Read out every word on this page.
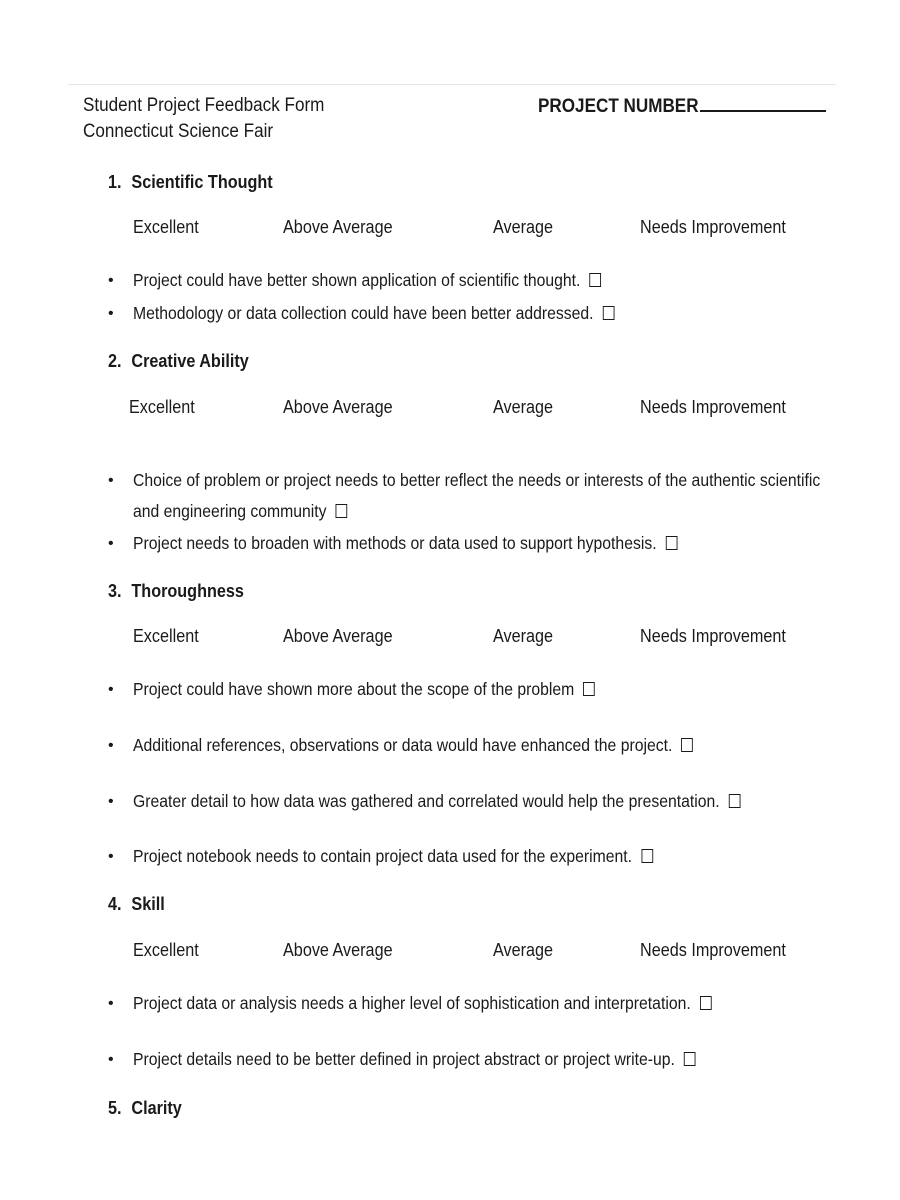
Student Project Feedback Form
Connecticut Science Fair
PROJECT NUMBER
1. Scientific Thought
Excellent	Above Average	Average	Needs Improvement
• Project could have better shown application of scientific thought.
• Methodology or data collection could have been better addressed.
2. Creative Ability
Excellent	Above Average	Average	Needs Improvement
• Choice of problem or project needs to better reflect the needs or interests of the authentic scientific and engineering community
• Project needs to broaden with methods or data used to support hypothesis.
3. Thoroughness
Excellent	Above Average	Average	Needs Improvement
• Project could have shown more about the scope of the problem
• Additional references, observations or data would have enhanced the project.
• Greater detail to how data was gathered and correlated would help the presentation.
• Project notebook needs to contain project data used for the experiment.
4. Skill
Excellent	Above Average	Average	Needs Improvement
• Project data or analysis needs a higher level of sophistication and interpretation.
• Project details need to be better defined in project abstract or project write-up.
5. Clarity
